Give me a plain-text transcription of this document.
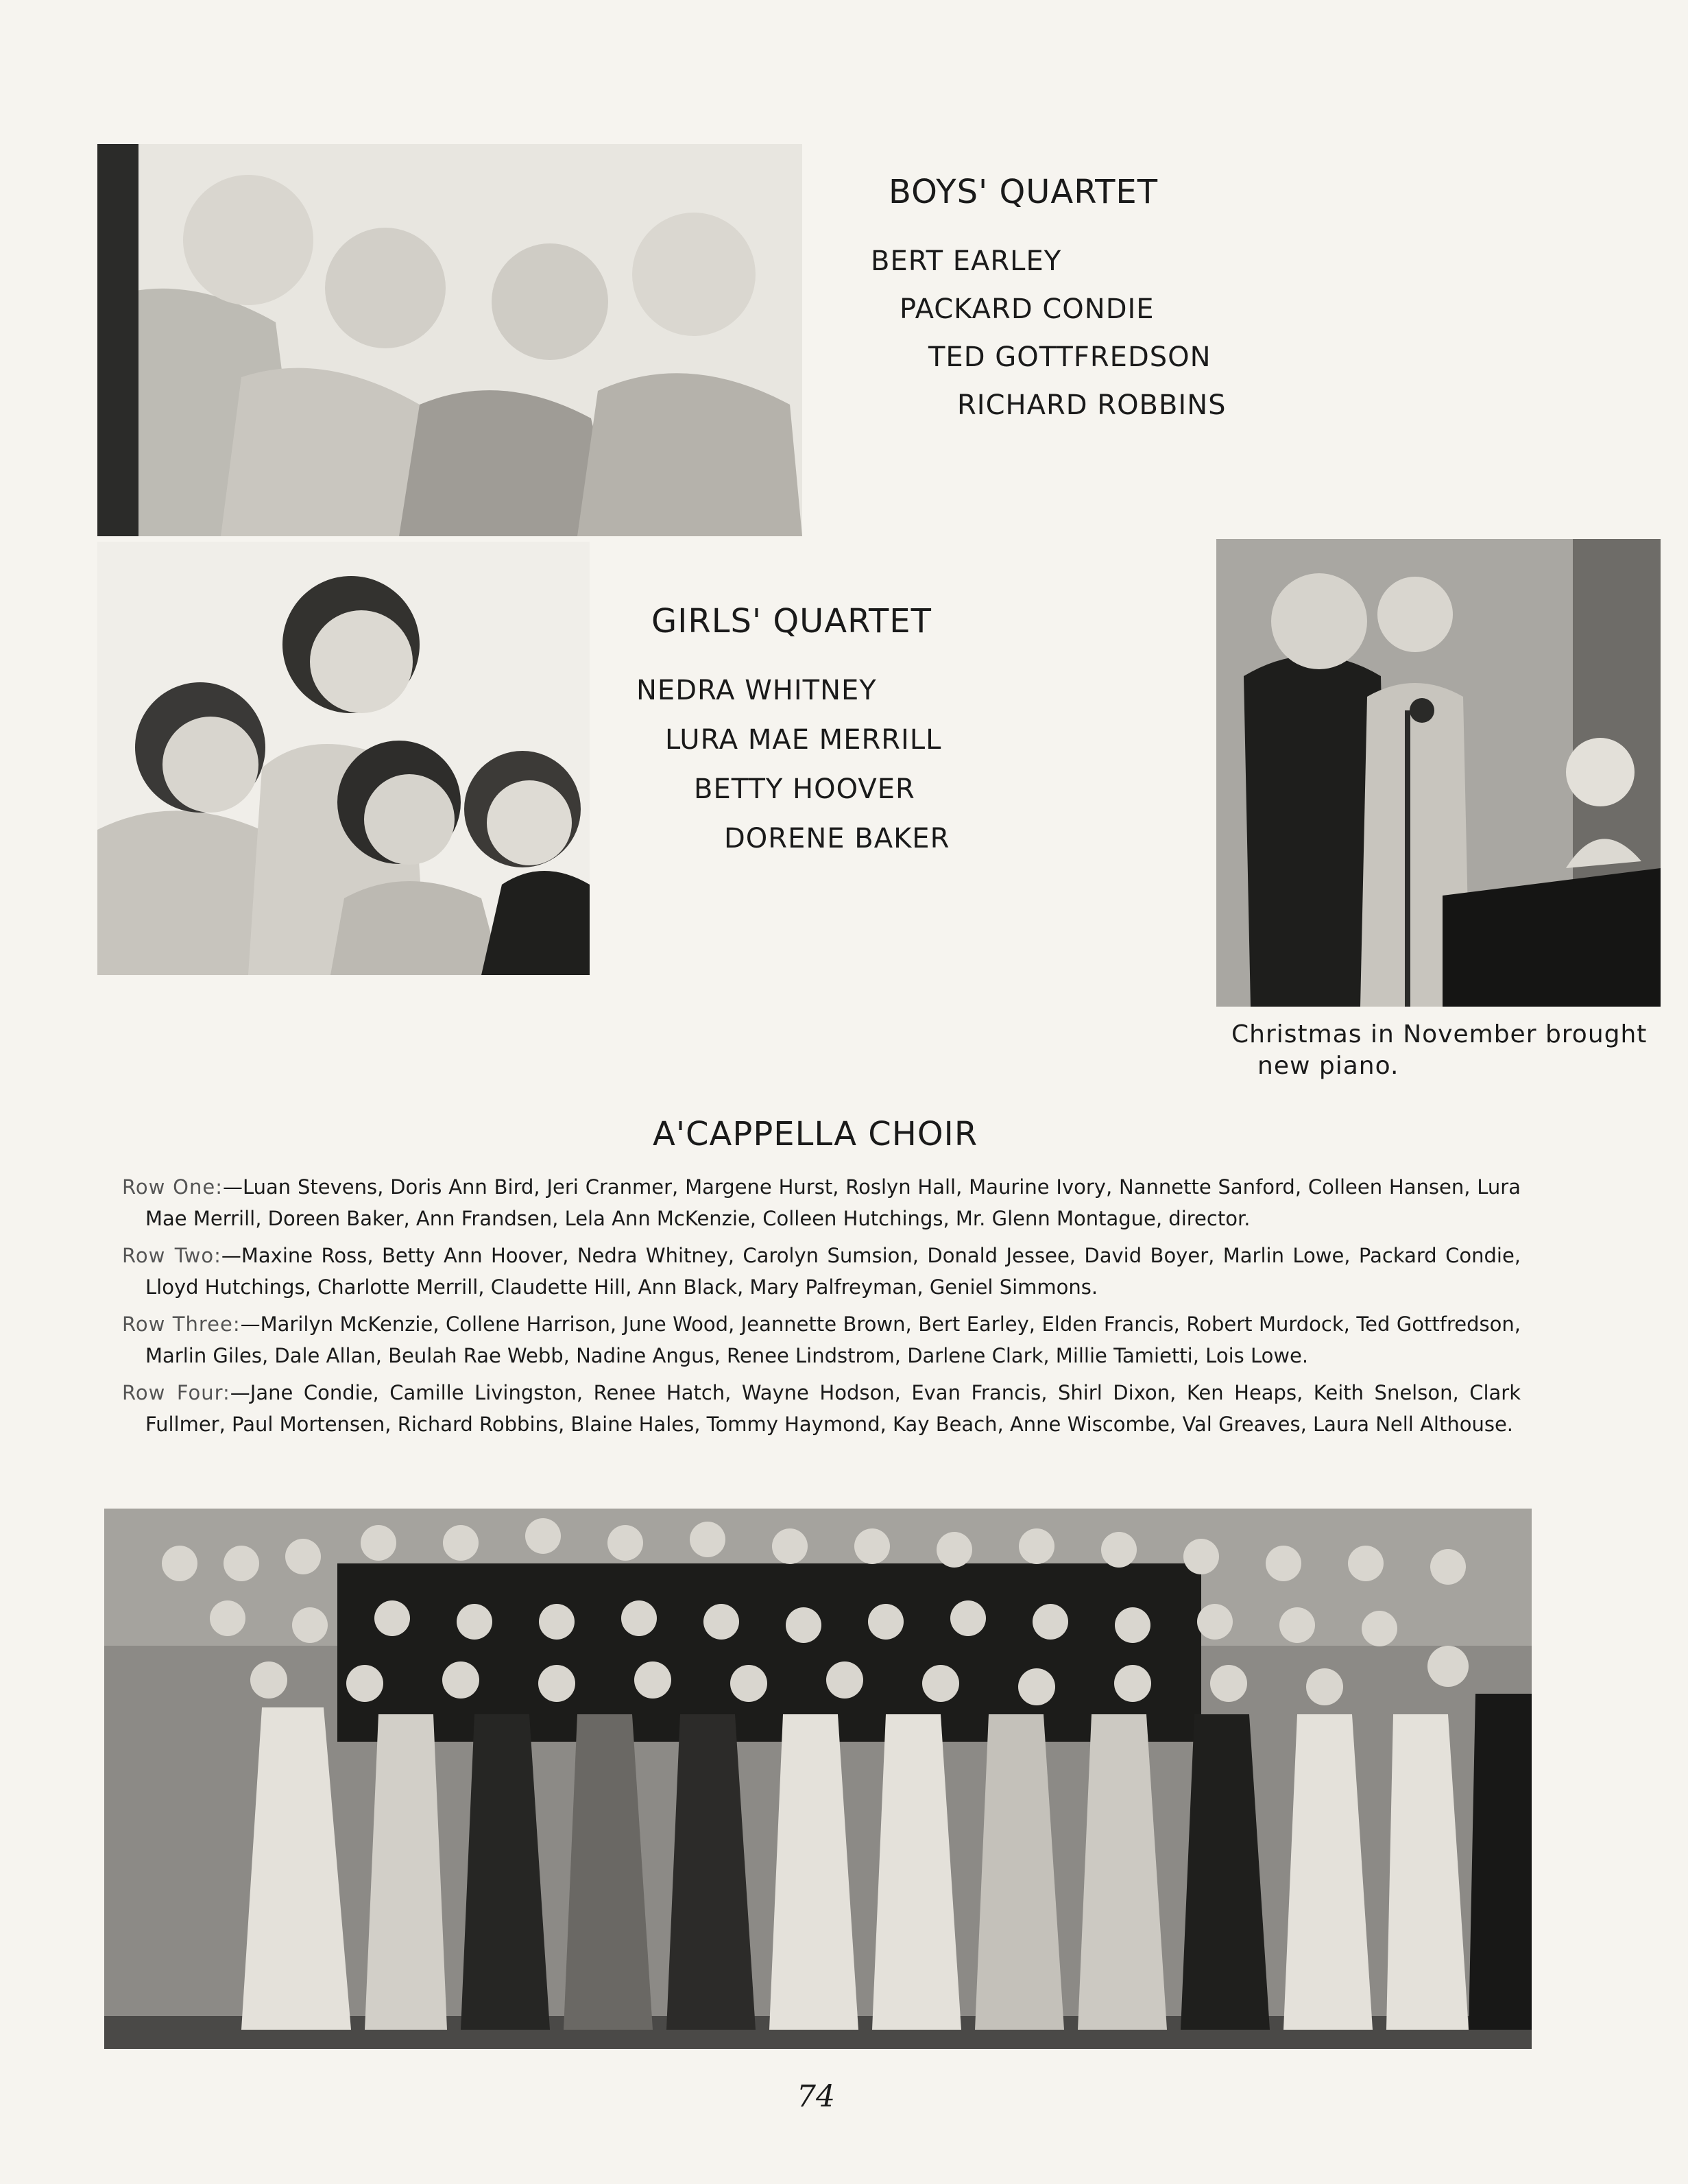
BOYS' QUARTET
BERT EARLEY
PACKARD CONDIE
TED GOTTFREDSON
RICHARD ROBBINS
GIRLS' QUARTET
NEDRA WHITNEY
LURA MAE MERRILL
BETTY HOOVER
DORENE BAKER
Christmas in November brought
new piano.
A'CAPPELLA CHOIR
Row One:—Luan Stevens, Doris Ann Bird, Jeri Cranmer, Margene Hurst, Roslyn Hall, Maurine Ivory, Nannette Sanford, Colleen Hansen, Lura Mae Merrill, Doreen Baker, Ann Frandsen, Lela Ann McKenzie, Colleen Hutchings, Mr. Glenn Montague, director.
Row Two:—Maxine Ross, Betty Ann Hoover, Nedra Whitney, Carolyn Sumsion, Donald Jessee, David Boyer, Marlin Lowe, Packard Condie, Lloyd Hutchings, Charlotte Merrill, Claudette Hill, Ann Black, Mary Palfreyman, Geniel Simmons.
Row Three:—Marilyn McKenzie, Collene Harrison, June Wood, Jeannette Brown, Bert Earley, Elden Francis, Robert Murdock, Ted Gottfredson, Marlin Giles, Dale Allan, Beulah Rae Webb, Nadine Angus, Renee Lindstrom, Darlene Clark, Millie Tamietti, Lois Lowe.
Row Four:—Jane Condie, Camille Livingston, Renee Hatch, Wayne Hodson, Evan Francis, Shirl Dixon, Ken Heaps, Keith Snelson, Clark Fullmer, Paul Mortensen, Richard Robbins, Blaine Hales, Tommy Haymond, Kay Beach, Anne Wiscombe, Val Greaves, Laura Nell Althouse.
74
